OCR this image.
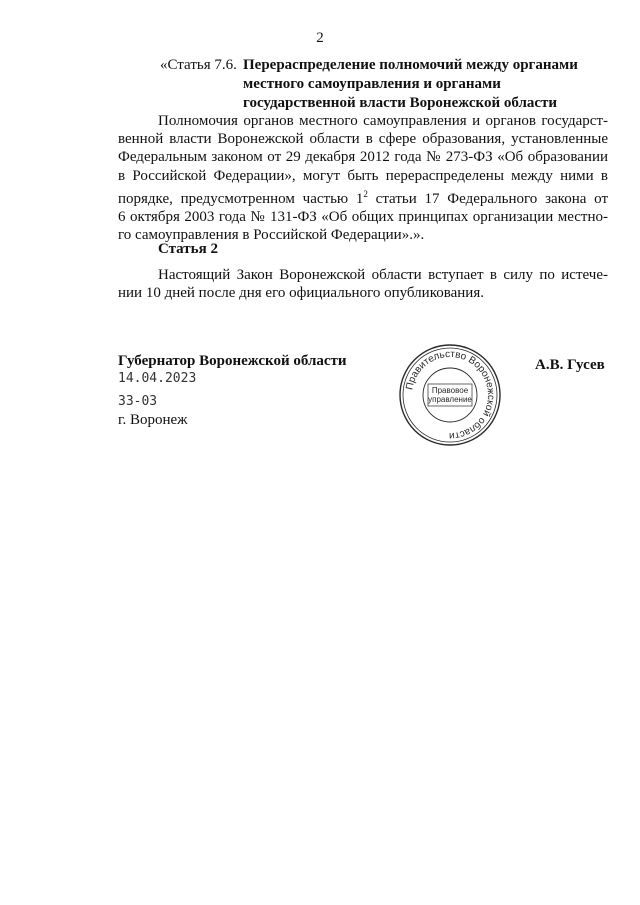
2
«Статья 7.6. Перераспределение полномочий между органами
местного самоуправления и органами
государственной власти Воронежской области
Полномочия органов местного самоуправления и органов государст-
венной власти Воронежской области в сфере образования, установленные
Федеральным законом от 29 декабря 2012 года № 273-ФЗ «Об образовании
в Российской Федерации», могут быть перераспределены между ними в
порядке, предусмотренном частью $1^2$ статьи 17 Федерального закона от
6 октября 2003 года № 131-ФЗ «Об общих принципах организации местно-
го самоуправления в Российской Федерации».».
Статья 2
Настоящий Закон Воронежской области вступает в силу по истече-
нии 10 дней после дня его официального опубликования.
Губернатор Воронежской области
14.04.2023
33-03
г. Воронеж
А.В. Гусев
Правительство Воронежской области
Правовое
управление
